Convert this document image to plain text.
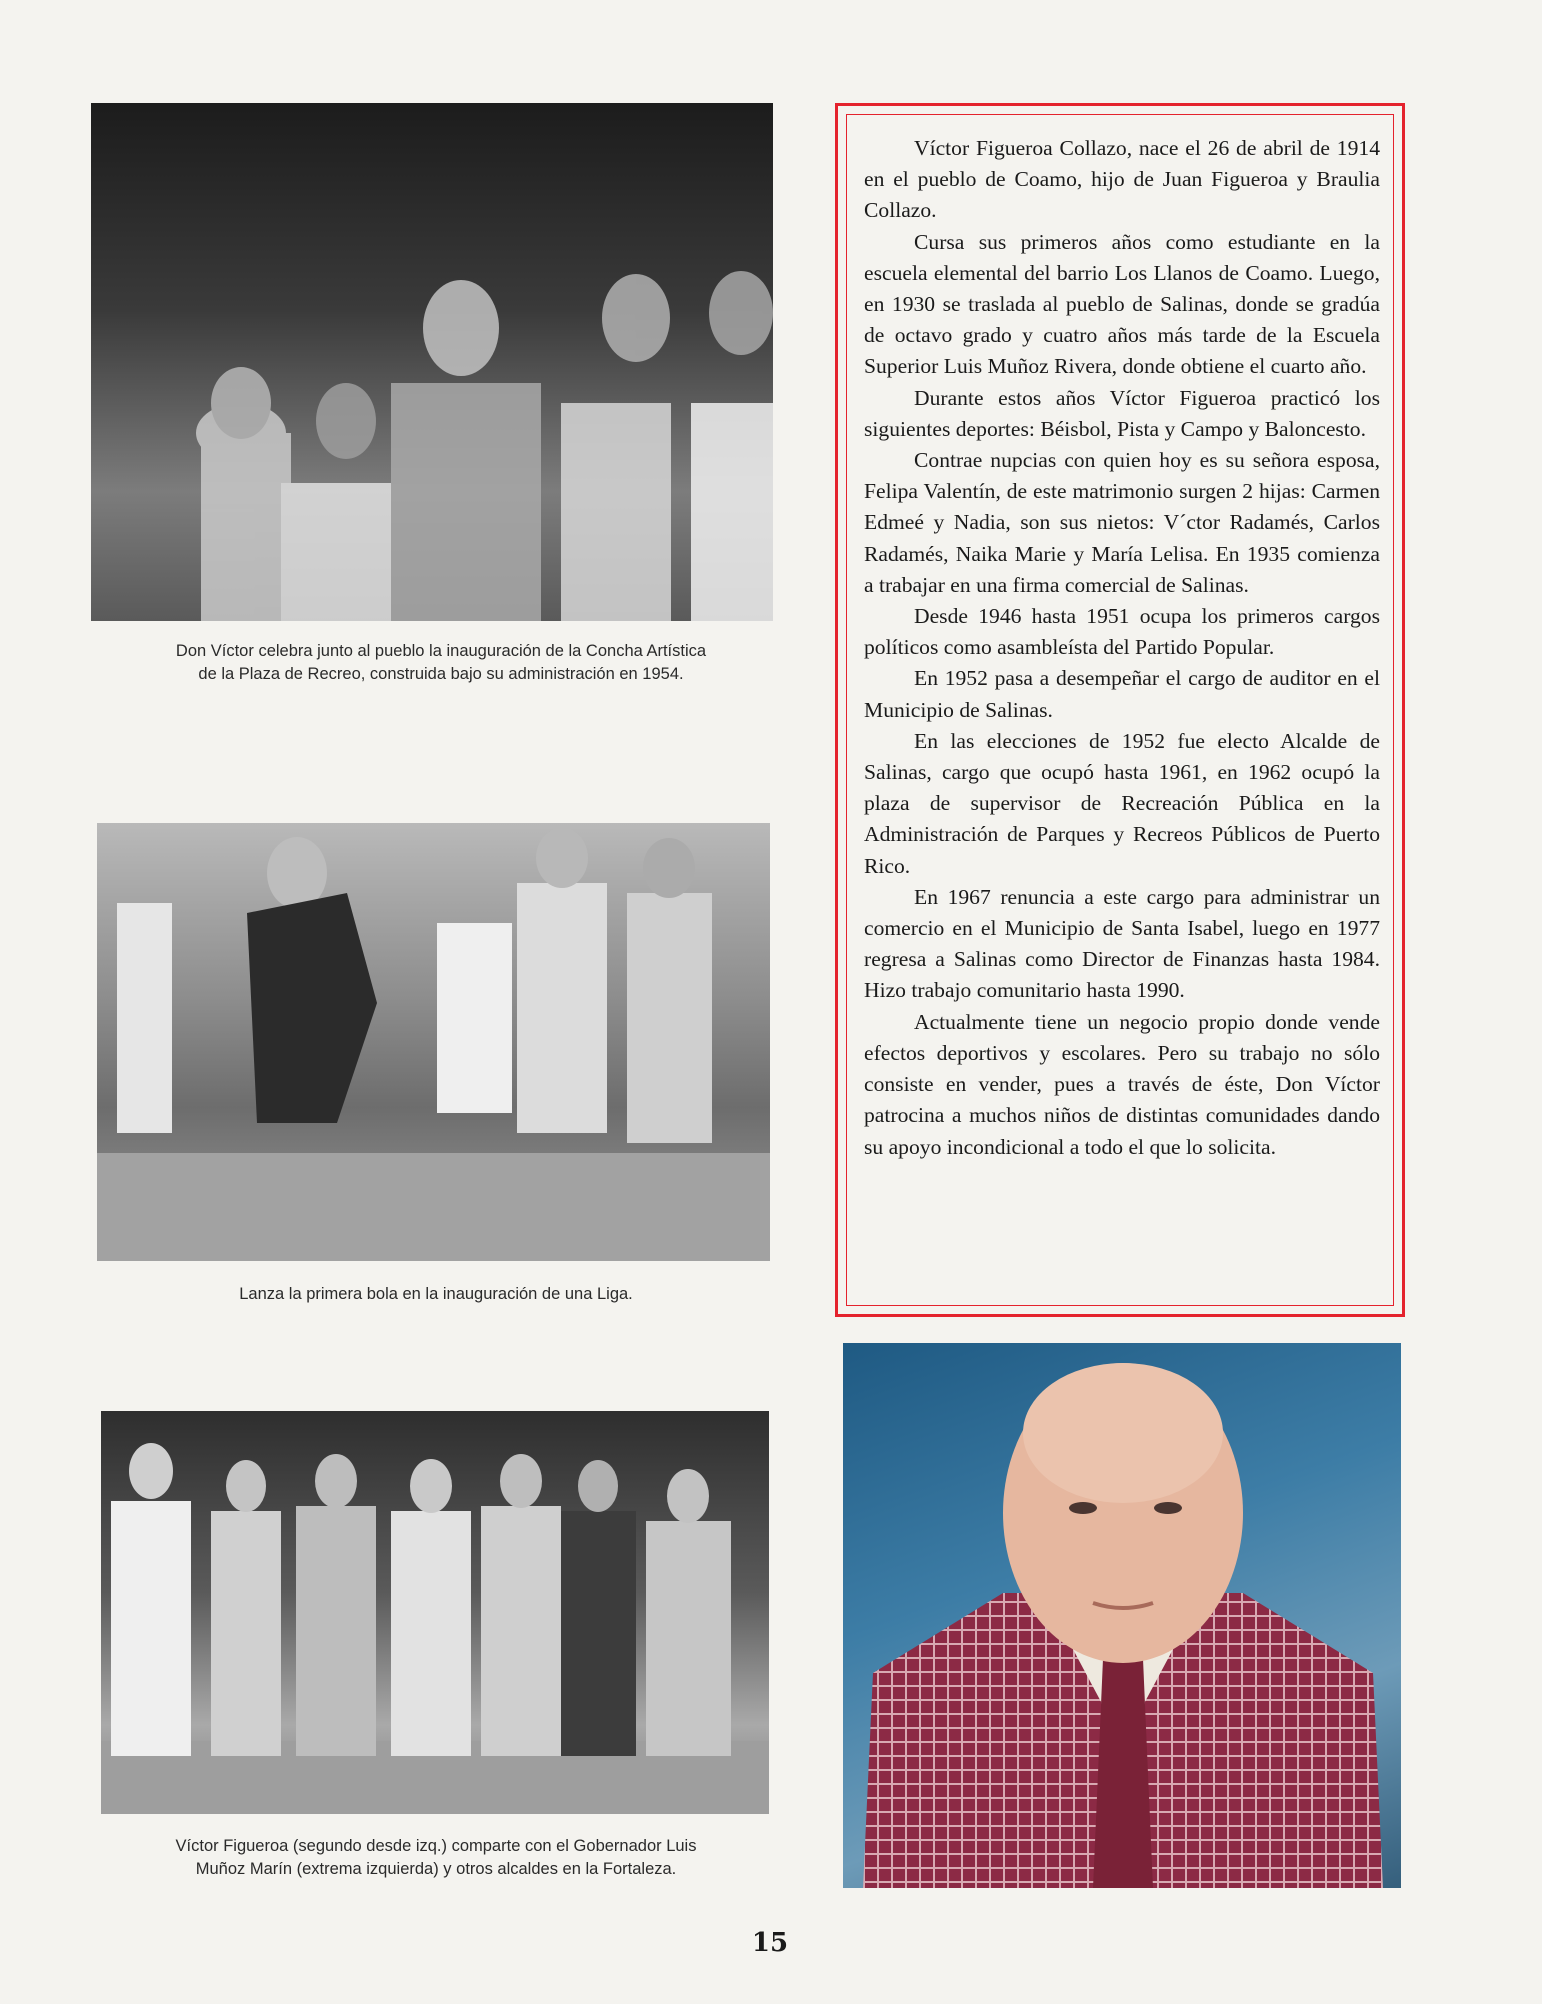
Don Víctor celebra junto al pueblo la inauguración de la Concha Artística
de la Plaza de Recreo, construida bajo su administración en 1954.
Lanza la primera bola en la inauguración de una Liga.
Víctor Figueroa (segundo desde izq.) comparte con el Gobernador Luis
Muñoz Marín (extrema izquierda) y otros alcaldes en la Fortaleza.

Víctor Figueroa Collazo, nace el 26 de abril de 1914 en el pueblo de Coamo, hijo de Juan Figueroa y Braulia Collazo.

Cursa sus primeros años como estudiante en la escuela elemental del barrio Los Llanos de Coamo. Luego, en 1930 se traslada al pueblo de Salinas, donde se gradúa de octavo grado y cuatro años más tarde de la Escuela Superior Luis Muñoz Rivera, donde obtiene el cuarto año.

Durante estos años Víctor Figueroa practicó los siguientes deportes: Béisbol, Pista y Campo y Baloncesto.

Contrae nupcias con quien hoy es su señora esposa, Felipa Valentín, de este matrimonio surgen 2 hijas: Carmen Edmeé y Nadia, son sus nietos: V´ctor Radamés, Carlos Radamés, Naika Marie y María Lelisa. En 1935 comienza a trabajar en una firma comercial de Salinas.

Desde 1946 hasta 1951 ocupa los primeros cargos políticos como asambleísta del Partido Popular.

En 1952 pasa a desempeñar el cargo de auditor en el Municipio de Salinas.

En las elecciones de 1952 fue electo Alcalde de Salinas, cargo que ocupó hasta 1961, en 1962 ocupó la plaza de supervisor de Recreación Pública en la Administración de Parques y Recreos Públicos de Puerto Rico.

En 1967 renuncia a este cargo para administrar un comercio en el Municipio de Santa Isabel, luego en 1977 regresa a Salinas como Director de Finanzas hasta 1984. Hizo trabajo comunitario hasta 1990.

Actualmente tiene un negocio propio donde vende efectos deportivos y escolares. Pero su trabajo no sólo consiste en vender, pues a través de éste, Don Víctor patrocina a muchos niños de distintas comunidades dando su apoyo incondicional a todo el que lo solicita.

15
